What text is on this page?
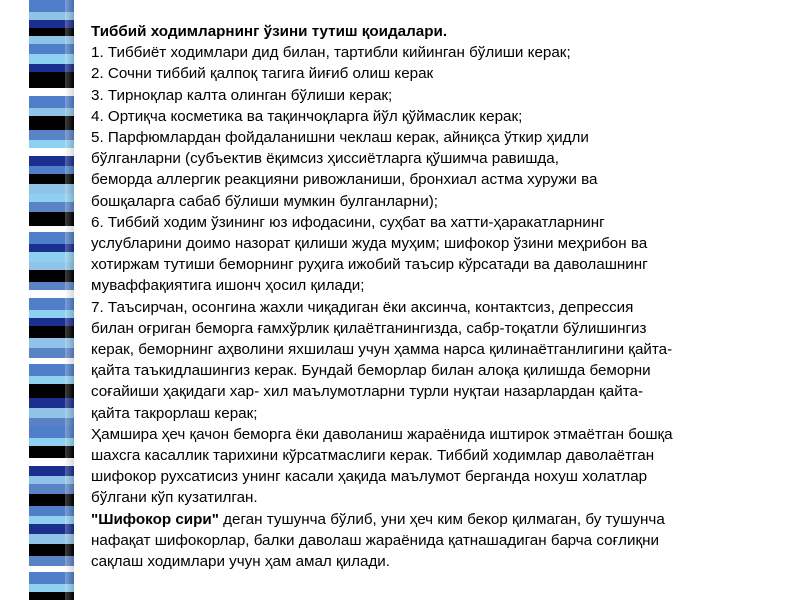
Тиббий ходимларнинг ўзини тутиш қоидалари.
1. Тиббиёт ходимлари дид билан, тартибли кийинган бўлиши керак;
2. Сочни тиббий қалпоқ тагига йиғиб олиш керак
3. Тирноқлар калта олинган бўлиши керак;
4. Ортиқча косметика ва тақинчоқларга йўл қўймаслик керак;
5. Парфюмлардан фойдаланишни чеклаш керак, айниқса ўткир ҳидли
бўлганларни (субъектив ёқимсиз ҳиссиётларга қўшимча равишда,
беморда аллергик реакцияни ривожланиши, бронхиал астма хуружи ва
бошқаларга сабаб бўлиши мумкин булганларни);
6. Тиббий ходим ўзининг юз ифодасини, суҳбат ва хатти-ҳаракатларнинг
услубларини доимо назорат қилиши жуда муҳим; шифокор ўзини меҳрибон ва
хотиржам тутиши беморнинг руҳига ижобий таъсир кўрсатади ва даволашнинг
муваффақиятига ишонч ҳосил қилади;
7. Таъсирчан, осонгина жахли чиқадиган ёки аксинча, контактсиз, депрессия
билан оғриган беморга ғамхўрлик қилаётганингизда, сабр-тоқатли бўлишингиз
керак, беморнинг аҳволини яхшилаш учун ҳамма нарса қилинаётганлигини қайта-
қайта таъкидлашингиз керак. Бундай беморлар билан алоқа қилишда беморни
соғайиши ҳақидаги хар- хил маълумотларни турли нуқтаи назарлардан қайта-
қайта такрорлаш керак;
Ҳамшира ҳеч қачон беморга ёки даволаниш жараёнида иштирок этмаётган бошқа
шахсга касаллик тарихини кўрсатмаслиги керак. Тиббий ходимлар даволаётган
шифокор рухсатисиз унинг касали ҳақида маълумот берганда нохуш холатлар
бўлгани кўп кузатилган.
"Шифокор сири" деган тушунча бўлиб, уни ҳеч ким бекор қилмаган, бу тушунча
нафақат шифокорлар, балки даволаш жараёнида қатнашадиган барча соғлиқни
сақлаш ходимлари учун ҳам амал қилади.
